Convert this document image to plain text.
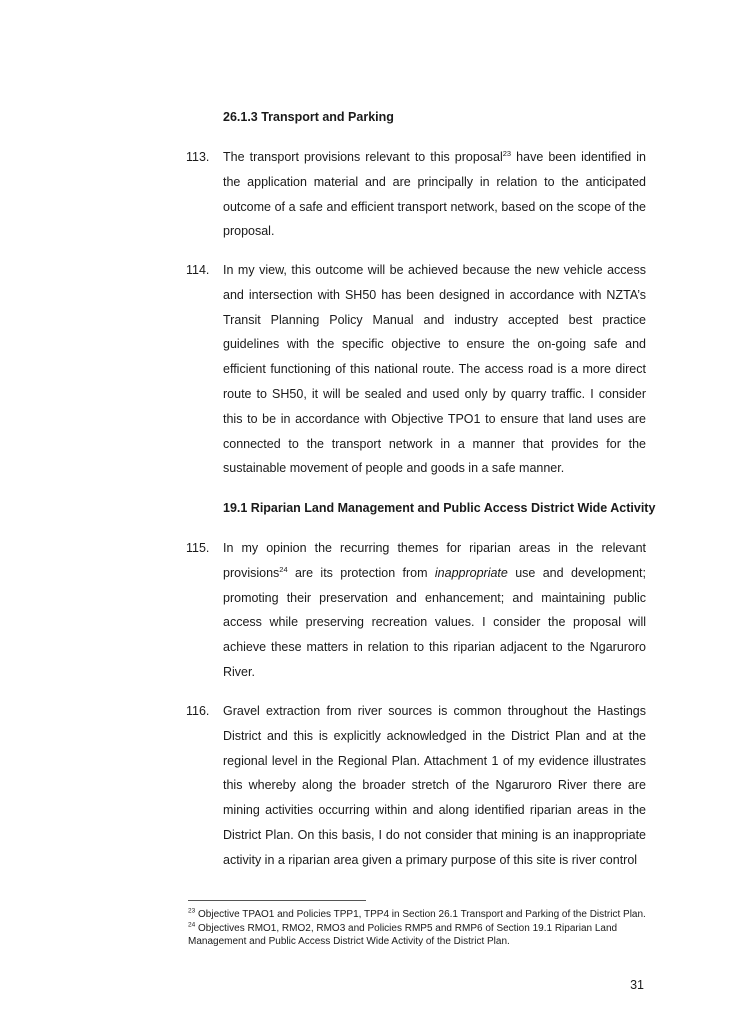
26.1.3 Transport and Parking
113. The transport provisions relevant to this proposal$^{23}$ have been identified in the application material and are principally in relation to the anticipated outcome of a safe and efficient transport network, based on the scope of the proposal.
114. In my view, this outcome will be achieved because the new vehicle access and intersection with SH50 has been designed in accordance with NZTA’s Transit Planning Policy Manual and industry accepted best practice guidelines with the specific objective to ensure the on-going safe and efficient functioning of this national route. The access road is a more direct route to SH50, it will be sealed and used only by quarry traffic. I consider this to be in accordance with Objective TPO1 to ensure that land uses are connected to the transport network in a manner that provides for the sustainable movement of people and goods in a safe manner.
19.1 Riparian Land Management and Public Access District Wide Activity
115. In my opinion the recurring themes for riparian areas in the relevant provisions$^{24}$ are its protection from inappropriate use and development; promoting their preservation and enhancement; and maintaining public access while preserving recreation values. I consider the proposal will achieve these matters in relation to this riparian adjacent to the Ngaruroro River.
116. Gravel extraction from river sources is common throughout the Hastings District and this is explicitly acknowledged in the District Plan and at the regional level in the Regional Plan. Attachment 1 of my evidence illustrates this whereby along the broader stretch of the Ngaruroro River there are mining activities occurring within and along identified riparian areas in the District Plan. On this basis, I do not consider that mining is an inappropriate activity in a riparian area given a primary purpose of this site is river control

$^{23}$ Objective TPAO1 and Policies TPP1, TPP4 in Section 26.1 Transport and Parking of the District Plan.

$^{24}$ Objectives RMO1, RMO2, RMO3 and Policies RMP5 and RMP6 of Section 19.1 Riparian Land Management and Public Access District Wide Activity of the District Plan.

31
